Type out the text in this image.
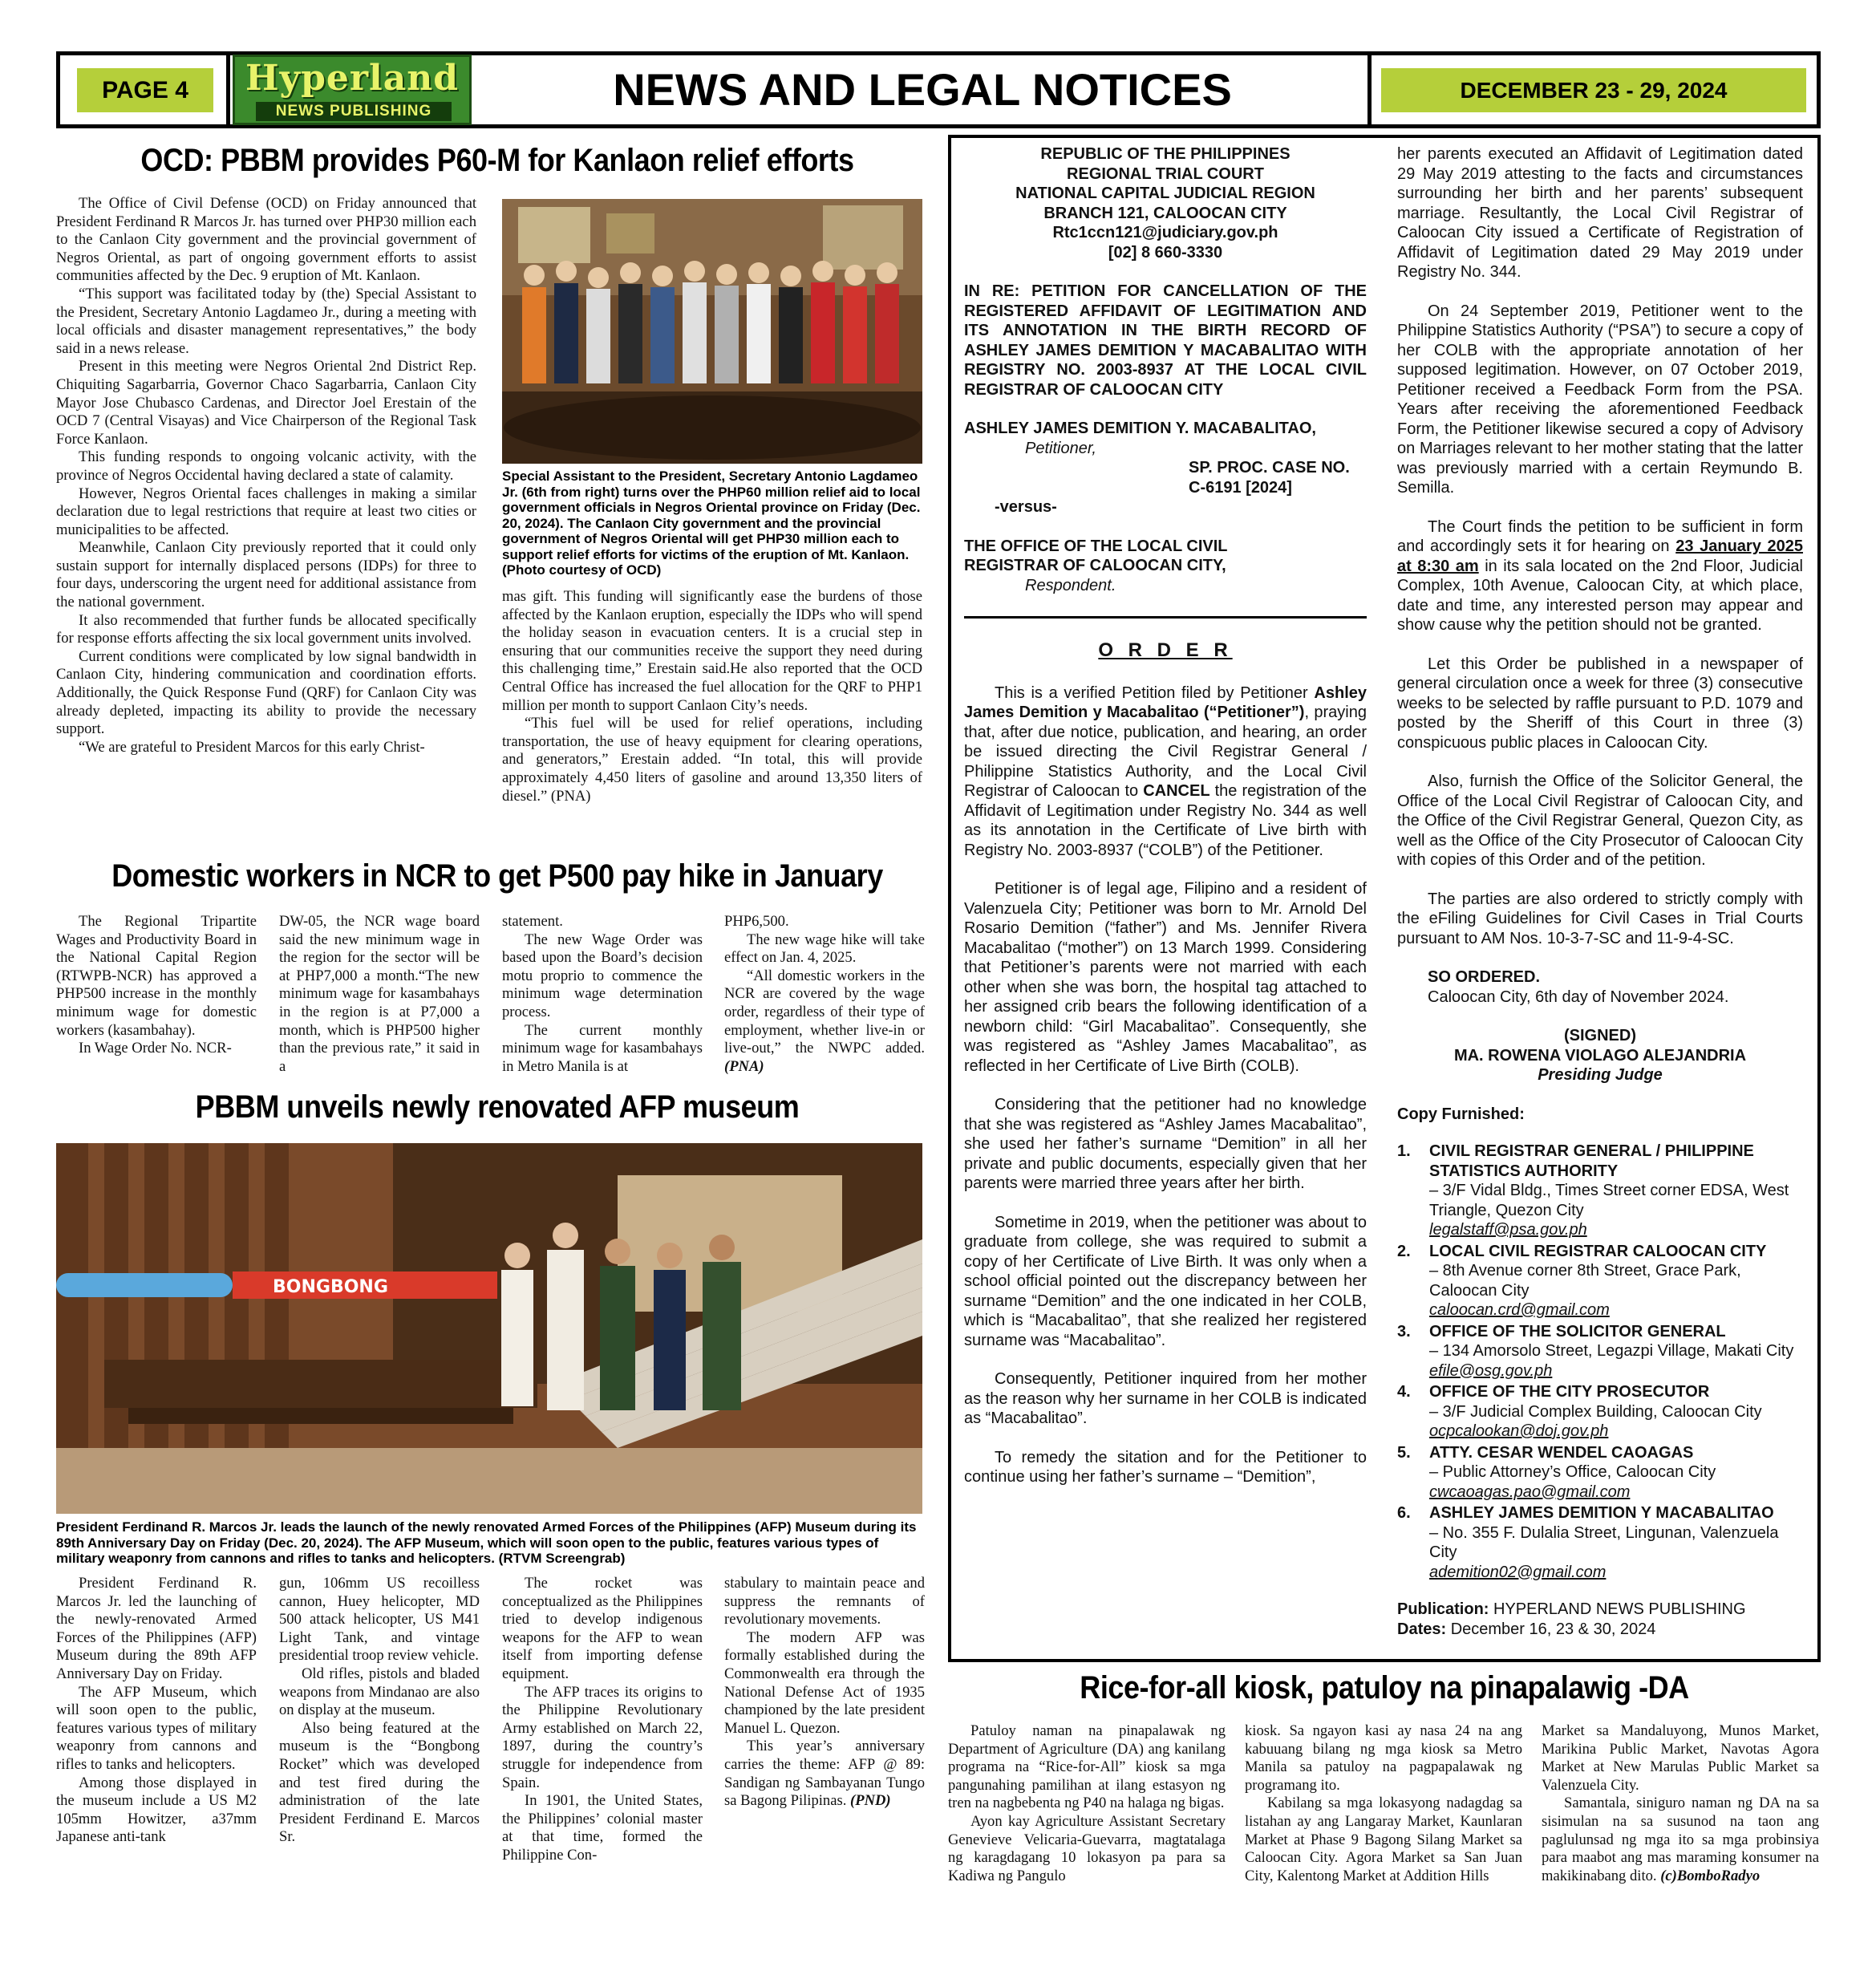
PAGE 4	Hyperland
NEWS PUBLISHING	NEWS AND LEGAL NOTICES	DECEMBER 23 - 29, 2024
OCD: PBBM provides P60-M for Kanlaon relief efforts

The Office of Civil Defense (OCD) on Friday announced that President Ferdinand R Marcos Jr. has turned over PHP30 million each to the Canlaon City government and the provincial government of Negros Oriental, as part of ongoing government efforts to assist communities affected by the Dec. 9 eruption of Mt. Kanlaon.

“This support was facilitated today by (the) Special Assistant to the President, Secretary Antonio Lagdameo Jr., during a meeting with local officials and disaster management representatives,” the body said in a news release.

Present in this meeting were Negros Oriental 2nd District Rep. Chiquiting Sagarbarria, Governor Chaco Sagarbarria, Canlaon City Mayor Jose Chubasco Cardenas, and Director Joel Erestain of the OCD 7 (Central Visayas) and Vice Chairperson of the Regional Task Force Kanlaon.

This funding responds to ongoing volcanic activity, with the province of Negros Occidental having declared a state of calamity.

However, Negros Oriental faces challenges in making a similar declaration due to legal restrictions that require at least two cities or municipalities to be affected.

Meanwhile, Canlaon City previously reported that it could only sustain support for internally displaced persons (IDPs) for three to four days, underscoring the urgent need for additional assistance from the national government.

It also recommended that further funds be allocated specifically for response efforts affecting the six local government units involved.

Current conditions were complicated by low signal bandwidth in Canlaon City, hindering communication and coordination efforts. Additionally, the Quick Response Fund (QRF) for Canlaon City was already depleted, impacting its ability to provide the necessary support.

“We are grateful to President Marcos for this early Christ-

Special Assistant to the President, Secretary Antonio Lagdameo Jr. (6th from right) turns over the PHP60 million relief aid to local government officials in Negros Oriental province on Friday (Dec. 20, 2024). The Canlaon City government and the provincial government of Negros Oriental will get PHP30 million each to support relief efforts for victims of the eruption of Mt. Kanlaon. (Photo courtesy of OCD)

mas gift. This funding will significantly ease the burdens of those affected by the Kanlaon eruption, especially the IDPs who will spend the holiday season in evacuation centers. It is a crucial step in ensuring that our communities receive the support they need during this challenging time,” Erestain said.He also reported that the OCD Central Office has increased the fuel allocation for the QRF to PHP1 million per month to support Canlaon City’s needs.

“This fuel will be used for relief operations, including transportation, the use of heavy equipment for clearing operations, and generators,” Erestain added. “In total, this will provide approximately 4,450 liters of gasoline and around 13,350 liters of diesel.” (PNA)

Domestic workers in NCR to get P500 pay hike in January

The Regional Tripartite Wages and Productivity Board in the National Capital Region (RTWPB-NCR) has approved a PHP500 increase in the monthly minimum wage for domestic workers (kasambahay).

In Wage Order No. NCR-

DW-05, the NCR wage board said the new minimum wage in the region for the sector will be at PHP7,000 a month.“The new minimum wage for kasambahays in the region is at P7,000 a month, which is PHP500 higher than the previous rate,” it said in a

statement.

The new Wage Order was based upon the Board’s decision motu proprio to commence the minimum wage determination process.

The current monthly minimum wage for kasambahays in Metro Manila is at

PHP6,500.

The new wage hike will take effect on Jan. 4, 2025.

“All domestic workers in the NCR are covered by the wage order, regardless of their type of employment, whether live-in or live-out,” the NWPC added. (PNA)

PBBM unveils newly renovated AFP museum
BONGBONG
President Ferdinand R. Marcos Jr. leads the launch of the newly renovated Armed Forces of the Philippines (AFP) Museum during its 89th Anniversary Day on Friday (Dec. 20, 2024). The AFP Museum, which will soon open to the public, features various types of military weaponry from cannons and rifles to tanks and helicopters. (RTVM Screengrab)

President Ferdinand R. Marcos Jr. led the launching of the newly-renovated Armed Forces of the Philippines (AFP) Museum during the 89th AFP Anniversary Day on Friday.

The AFP Museum, which will soon open to the public, features various types of military weaponry from cannons and rifles to tanks and helicopters.

Among those displayed in the museum include a US M2 105mm Howitzer, a37mm Japanese anti-tank

gun, 106mm US recoilless cannon, Huey helicopter, MD 500 attack helicopter, US M41 Light Tank, and vintage presidential troop review vehicle.

Old rifles, pistols and bladed weapons from Mindanao are also on display at the museum.

Also being featured at the museum is the “Bongbong Rocket” which was developed and test fired during the administration of the late President Ferdinand E. Marcos Sr.

The rocket was conceptualized as the Philippines tried to develop indigenous weapons for the AFP to wean itself from importing defense equipment.

The AFP traces its origins to the Philippine Revolutionary Army established on March 22, 1897, during the country’s struggle for independence from Spain.

In 1901, the United States, the Philippines’ colonial master at that time, formed the Philippine Con-

stabulary to maintain peace and suppress the remnants of revolutionary movements.

The modern AFP was formally established during the Commonwealth era through the National Defense Act of 1935 championed by the late president Manuel L. Quezon.

This year’s anniversary carries the theme: AFP @ 89: Sandigan ng Sambayanan Tungo sa Bagong Pilipinas. (PND)

REPUBLIC OF THE PHILIPPINES
REGIONAL TRIAL COURT
NATIONAL CAPITAL JUDICIAL REGION
BRANCH 121, CALOOCAN CITY
Rtc1ccn121@judiciary.gov.ph
[02] 8 660-3330
IN RE: PETITION FOR CANCELLATION OF THE REGISTERED AFFIDAVIT OF LEGITIMATION AND ITS ANNOTATION IN THE BIRTH RECORD OF ASHLEY JAMES DEMITION Y MACABALITAO WITH REGISTRY NO. 2003-8937 AT THE LOCAL CIVIL REGISTRAR OF CALOOCAN CITY
ASHLEY JAMES DEMITION Y. MACABALITAO,
Petitioner,
SP. PROC. CASE NO.
C-6191 [2024]
-versus-
THE OFFICE OF THE LOCAL CIVIL REGISTRAR OF CALOOCAN CITY,
Respondent.
O R D E R

This is a verified Petition filed by Petitioner Ashley James Demition y Macabalitao (“Petitioner”), praying that, after due notice, publication, and hearing, an order be issued directing the Civil Registrar General / Philippine Statistics Authority, and the Local Civil Registrar of Caloocan to CANCEL the registration of the Affidavit of Legitimation under Registry No. 344 as well as its annotation in the Certificate of Live birth with Registry No. 2003-8937 (“COLB”) of the Petitioner.

Petitioner is of legal age, Filipino and a resident of Valenzuela City; Petitioner was born to Mr. Arnold Del Rosario Demition (“father”) and Ms. Jennifer Rivera Macabalitao (“mother”) on 13 March 1999. Considering that Petitioner’s parents were not married with each other when she was born, the hospital tag attached to her assigned crib bears the following identification of a newborn child: “Girl Macabalitao”. Consequently, she was registered as “Ashley James Macabalitao”, as reflected in her Certificate of Live Birth (COLB).

Considering that the petitioner had no knowledge that she was registered as “Ashley James Macabalitao”, she used her father’s surname “Demition” in all her private and public documents, especially given that her parents were married three years after her birth.

Sometime in 2019, when the petitioner was about to graduate from college, she was required to submit a copy of her Certificate of Live Birth. It was only when a school official pointed out the discrepancy between her surname “Demition” and the one indicated in her COLB, which is “Macabalitao”, that she realized her registered surname was “Macabalitao”.

Consequently, Petitioner inquired from her mother as the reason why her surname in her COLB is indicated as “Macabalitao”.

To remedy the sitation and for the Petitioner to continue using her father’s surname – “Demition”,

her parents executed an Affidavit of Legitimation dated 29 May 2019 attesting to the facts and circumstances surrounding her birth and her parents’ subsequent marriage. Resultantly, the Local Civil Registrar of Caloocan City issued a Certificate of Registration of Affidavit of Legitimation dated 29 May 2019 under Registry No. 344.

On 24 September 2019, Petitioner went to the Philippine Statistics Authority (“PSA”) to secure a copy of her COLB with the appropriate annotation of her supposed legitimation. However, on 07 October 2019, Petitioner received a Feedback Form from the PSA. Years after receiving the aforementioned Feedback Form, the Petitioner likewise secured a copy of Advisory on Marriages relevant to her mother stating that the latter was previously married with a certain Reymundo B. Semilla.

The Court finds the petition to be sufficient in form and accordingly sets it for hearing on 23 January 2025 at 8:30 am in its sala located on the 2nd Floor, Judicial Complex, 10th Avenue, Caloocan City, at which place, date and time, any interested person may appear and show cause why the petition should not be granted.

Let this Order be published in a newspaper of general circulation once a week for three (3) consecutive weeks to be selected by raffle pursuant to P.D. 1079 and posted by the Sheriff of this Court in three (3) conspicuous public places in Caloocan City.

Also, furnish the Office of the Solicitor General, the Office of the Local Civil Registrar of Caloocan City, and the Office of the Civil Registrar General, Quezon City, as well as the Office of the City Prosecutor of Caloocan City with copies of this Order and of the petition.

The parties are also ordered to strictly comply with the eFiling Guidelines for Civil Cases in Trial Courts pursuant to AM Nos. 10-3-7-SC and 11-9-4-SC.

SO ORDERED.
Caloocan City, 6th day of November 2024.
(SIGNED)
MA. ROWENA VIOLAGO ALEJANDRIA
Presiding Judge
Copy Furnished:
1.	CIVIL REGISTRAR GENERAL / PHILIPPINE STATISTICS AUTHORITY
– 3/F Vidal Bldg., Times Street corner EDSA, West Triangle, Quezon City
legalstaff@psa.gov.ph
2.	LOCAL CIVIL REGISTRAR CALOOCAN CITY
– 8th Avenue corner 8th Street, Grace Park, Caloocan City
caloocan.crd@gmail.com
3.	OFFICE OF THE SOLICITOR GENERAL
– 134 Amorsolo Street, Legazpi Village, Makati City
efile@osg.gov.ph
4.	OFFICE OF THE CITY PROSECUTOR
– 3/F Judicial Complex Building, Caloocan City
ocpcalookan@doj.gov.ph
5.	ATTY. CESAR WENDEL CAOAGAS
– Public Attorney’s Office, Caloocan City
cwcaoagas.pao@gmail.com
6.	ASHLEY JAMES DEMITION Y MACABALITAO
– No. 355 F. Dulalia Street, Lingunan, Valenzuela City
ademition02@gmail.com
Publication: HYPERLAND NEWS PUBLISHING
Dates: December 16, 23 & 30, 2024
Rice-for-all kiosk, patuloy na pinapalawig -DA

Patuloy naman na pinapalawak ng Department of Agriculture (DA) ang kanilang programa na “Rice-for-All” kiosk sa mga pangunahing pamilihan at ilang estasyon ng tren na nagbebenta ng P40 na halaga ng bigas.

Ayon kay Agriculture Assistant Secretary Genevieve Velicaria-Guevarra, magtatalaga ng karagdagang 10 lokasyon pa para sa Kadiwa ng Pangulo

kiosk. Sa ngayon kasi ay nasa 24 na ang kabuuang bilang ng mga kiosk sa Metro Manila sa patuloy na pagpapalawak ng programang ito.

Kabilang sa mga lokasyong nadagdag sa listahan ay ang Langaray Market, Kaunlaran Market at Phase 9 Bagong Silang Market sa Caloocan City. Agora Market sa San Juan City, Kalentong Market at Addition Hills

Market sa Mandaluyong, Munos Market, Marikina Public Market, Navotas Agora Market at New Marulas Public Market sa Valenzuela City.

Samantala, siniguro naman ng DA na sa sisimulan na sa susunod na taon ang paglulunsad ng mga ito sa mga probinsiya para maabot ang mas maraming konsumer na makikinabang dito. (c)BomboRadyo
